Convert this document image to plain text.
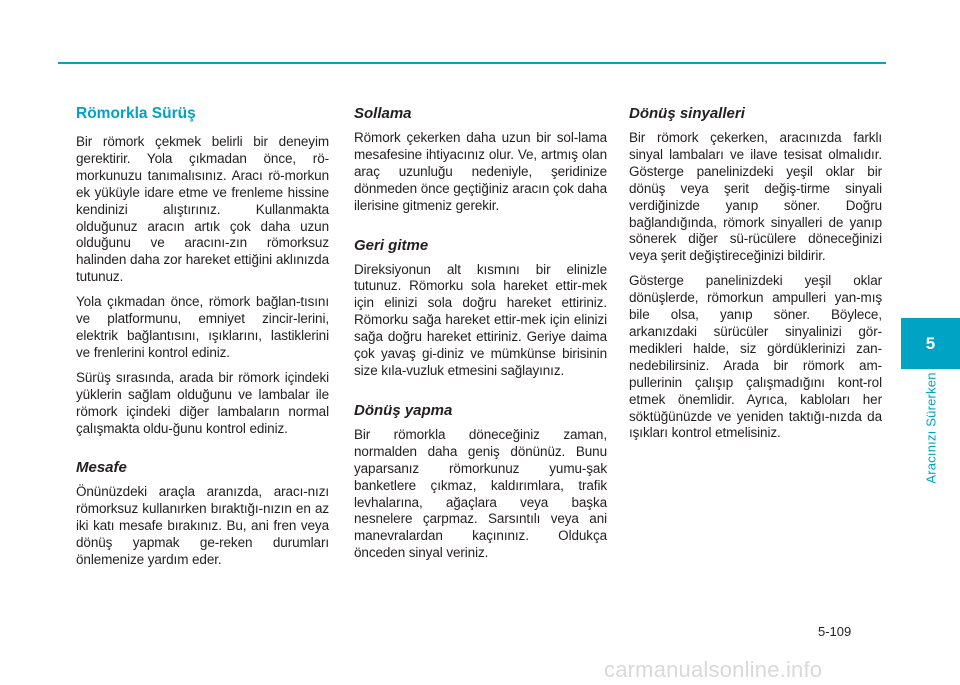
Römorkla Sürüş

Bir römork çekmek belirli bir deneyim gerektirir. Yola çıkmadan önce, rö-morkunuzu tanımalısınız. Aracı rö-morkun ek yüküyle idare etme ve frenleme hissine kendinizi alıştırınız. Kullanmakta olduğunuz aracın artık çok daha uzun olduğunu ve aracını-zın römorksuz halinden daha zor hareket ettiğini aklınızda tutunuz.

Yola çıkmadan önce, römork bağlan-tısını ve platformunu, emniyet zincir-lerini, elektrik bağlantısını, ışıklarını, lastiklerini ve frenlerini kontrol ediniz.

Sürüş sırasında, arada bir römork içindeki yüklerin sağlam olduğunu ve lambalar ile römork içindeki diğer lambaların normal çalışmakta oldu-ğunu kontrol ediniz.

Mesafe

Önünüzdeki araçla aranızda, aracı-nızı römorksuz kullanırken bıraktığı-nızın en az iki katı mesafe bırakınız. Bu, ani fren veya dönüş yapmak ge-reken durumları önlemenize yardım eder.

Sollama

Römork çekerken daha uzun bir sol-lama mesafesine ihtiyacınız olur. Ve, artmış olan araç uzunluğu nedeniyle, şeridinize dönmeden önce geçtiğiniz aracın çok daha ilerisine gitmeniz gerekir.

Geri gitme

Direksiyonun alt kısmını bir elinizle tutunuz. Römorku sola hareket ettir-mek için elinizi sola doğru hareket ettiriniz. Römorku sağa hareket ettir-mek için elinizi sağa doğru hareket ettiriniz. Geriye daima çok yavaş gi-diniz ve mümkünse birisinin size kıla-vuzluk etmesini sağlayınız.

Dönüş yapma

Bir römorkla döneceğiniz zaman, normalden daha geniş dönünüz. Bunu yaparsanız römorkunuz yumu-şak banketlere çıkmaz, kaldırımlara, trafik levhalarına, ağaçlara veya başka nesnelere çarpmaz. Sarsıntılı veya ani manevralardan kaçınınız. Oldukça önceden sinyal veriniz.

Dönüş sinyalleri

Bir römork çekerken, aracınızda farklı sinyal lambaları ve ilave tesisat olmalıdır. Gösterge panelinizdeki yeşil oklar bir dönüş veya şerit değiş-tirme sinyali verdiğinizde yanıp söner. Doğru bağlandığında, römork sinyalleri de yanıp sönerek diğer sü-rücülere döneceğinizi veya şerit değiştireceğinizi bildirir.

Gösterge panelinizdeki yeşil oklar dönüşlerde, römorkun ampulleri yan-mış bile olsa, yanıp söner. Böylece, arkanızdaki sürücüler sinyalinizi gör-medikleri halde, siz gördüklerinizi zan-nedebilirsiniz. Arada bir römork am-pullerinin çalışıp çalışmadığını kont-rol etmek önemlidir. Ayrıca, kabloları her söktüğünüzde ve yeniden taktığı-nızda da ışıkları kontrol etmelisiniz.

5
Aracınızı Sürerken
5-109
carmanualsonline.info
